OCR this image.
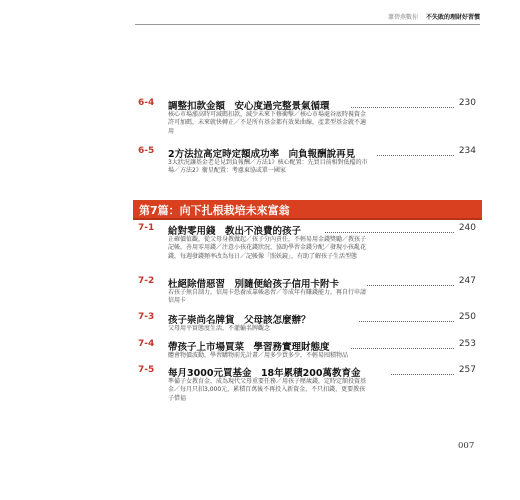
蕭碧燕數你 不失敗的理財好習慣
6-4 調整扣款金額　安心度過完整景氣循環	230
核心市場漲高時可減碼扣款，減少未來下修衝擊／核心市場處谷底時視資金許可加碼，未來就快轉正／不是所有基金都有效果曲線，產業型基金就不適用
6-5 2方法拉高定時定額成功率　向負報酬說再見	234
3大狀況讓基金老是見到負報酬／方法1》核心配置：先買目前相對低檔的市場／方法2》衛星配置：考慮東協或單一國家
第7篇：向下扎根栽培未來富翁
7-1 給對零用錢　教出不浪費的孩子	240
正確價值觀，從父母身教做起／孩子分內責任，不輕易用金錢獎勵／教孩子記帳，善用零用錢／注意小孩花錢狀況，協助學習金錢分配／發現小孩亂花錢，每週發錢頻率改為每日／記帳像「照妖鏡」，有助了解孩子生活型態
7-2 杜絕除借惡習　別隨便給孩子信用卡附卡	247
若孩子無自制力，信用卡恐養成靠帳惡習／等成年有賺錢能力，再自行申請信用卡
7-3 孩子崇尚名牌貨　父母該怎麼辦？	250
父母用平實態度生活，不灌輸名牌觀念
7-4 帶孩子上市場買菜　學習務實理財態度	253
體會物價波動，學習購物前先計畫／用多少買多少，不輕易囤積物品
7-5 每月3000元買基金　18年累積200萬教育金	257
準備子女教育金，成為現代父母重要任務／用孩子壓歲錢，定時定額投資基金／每月只扣3,000元，累積百萬後不再投入新資金，不只扣錢，更要教孩子惜福
007
